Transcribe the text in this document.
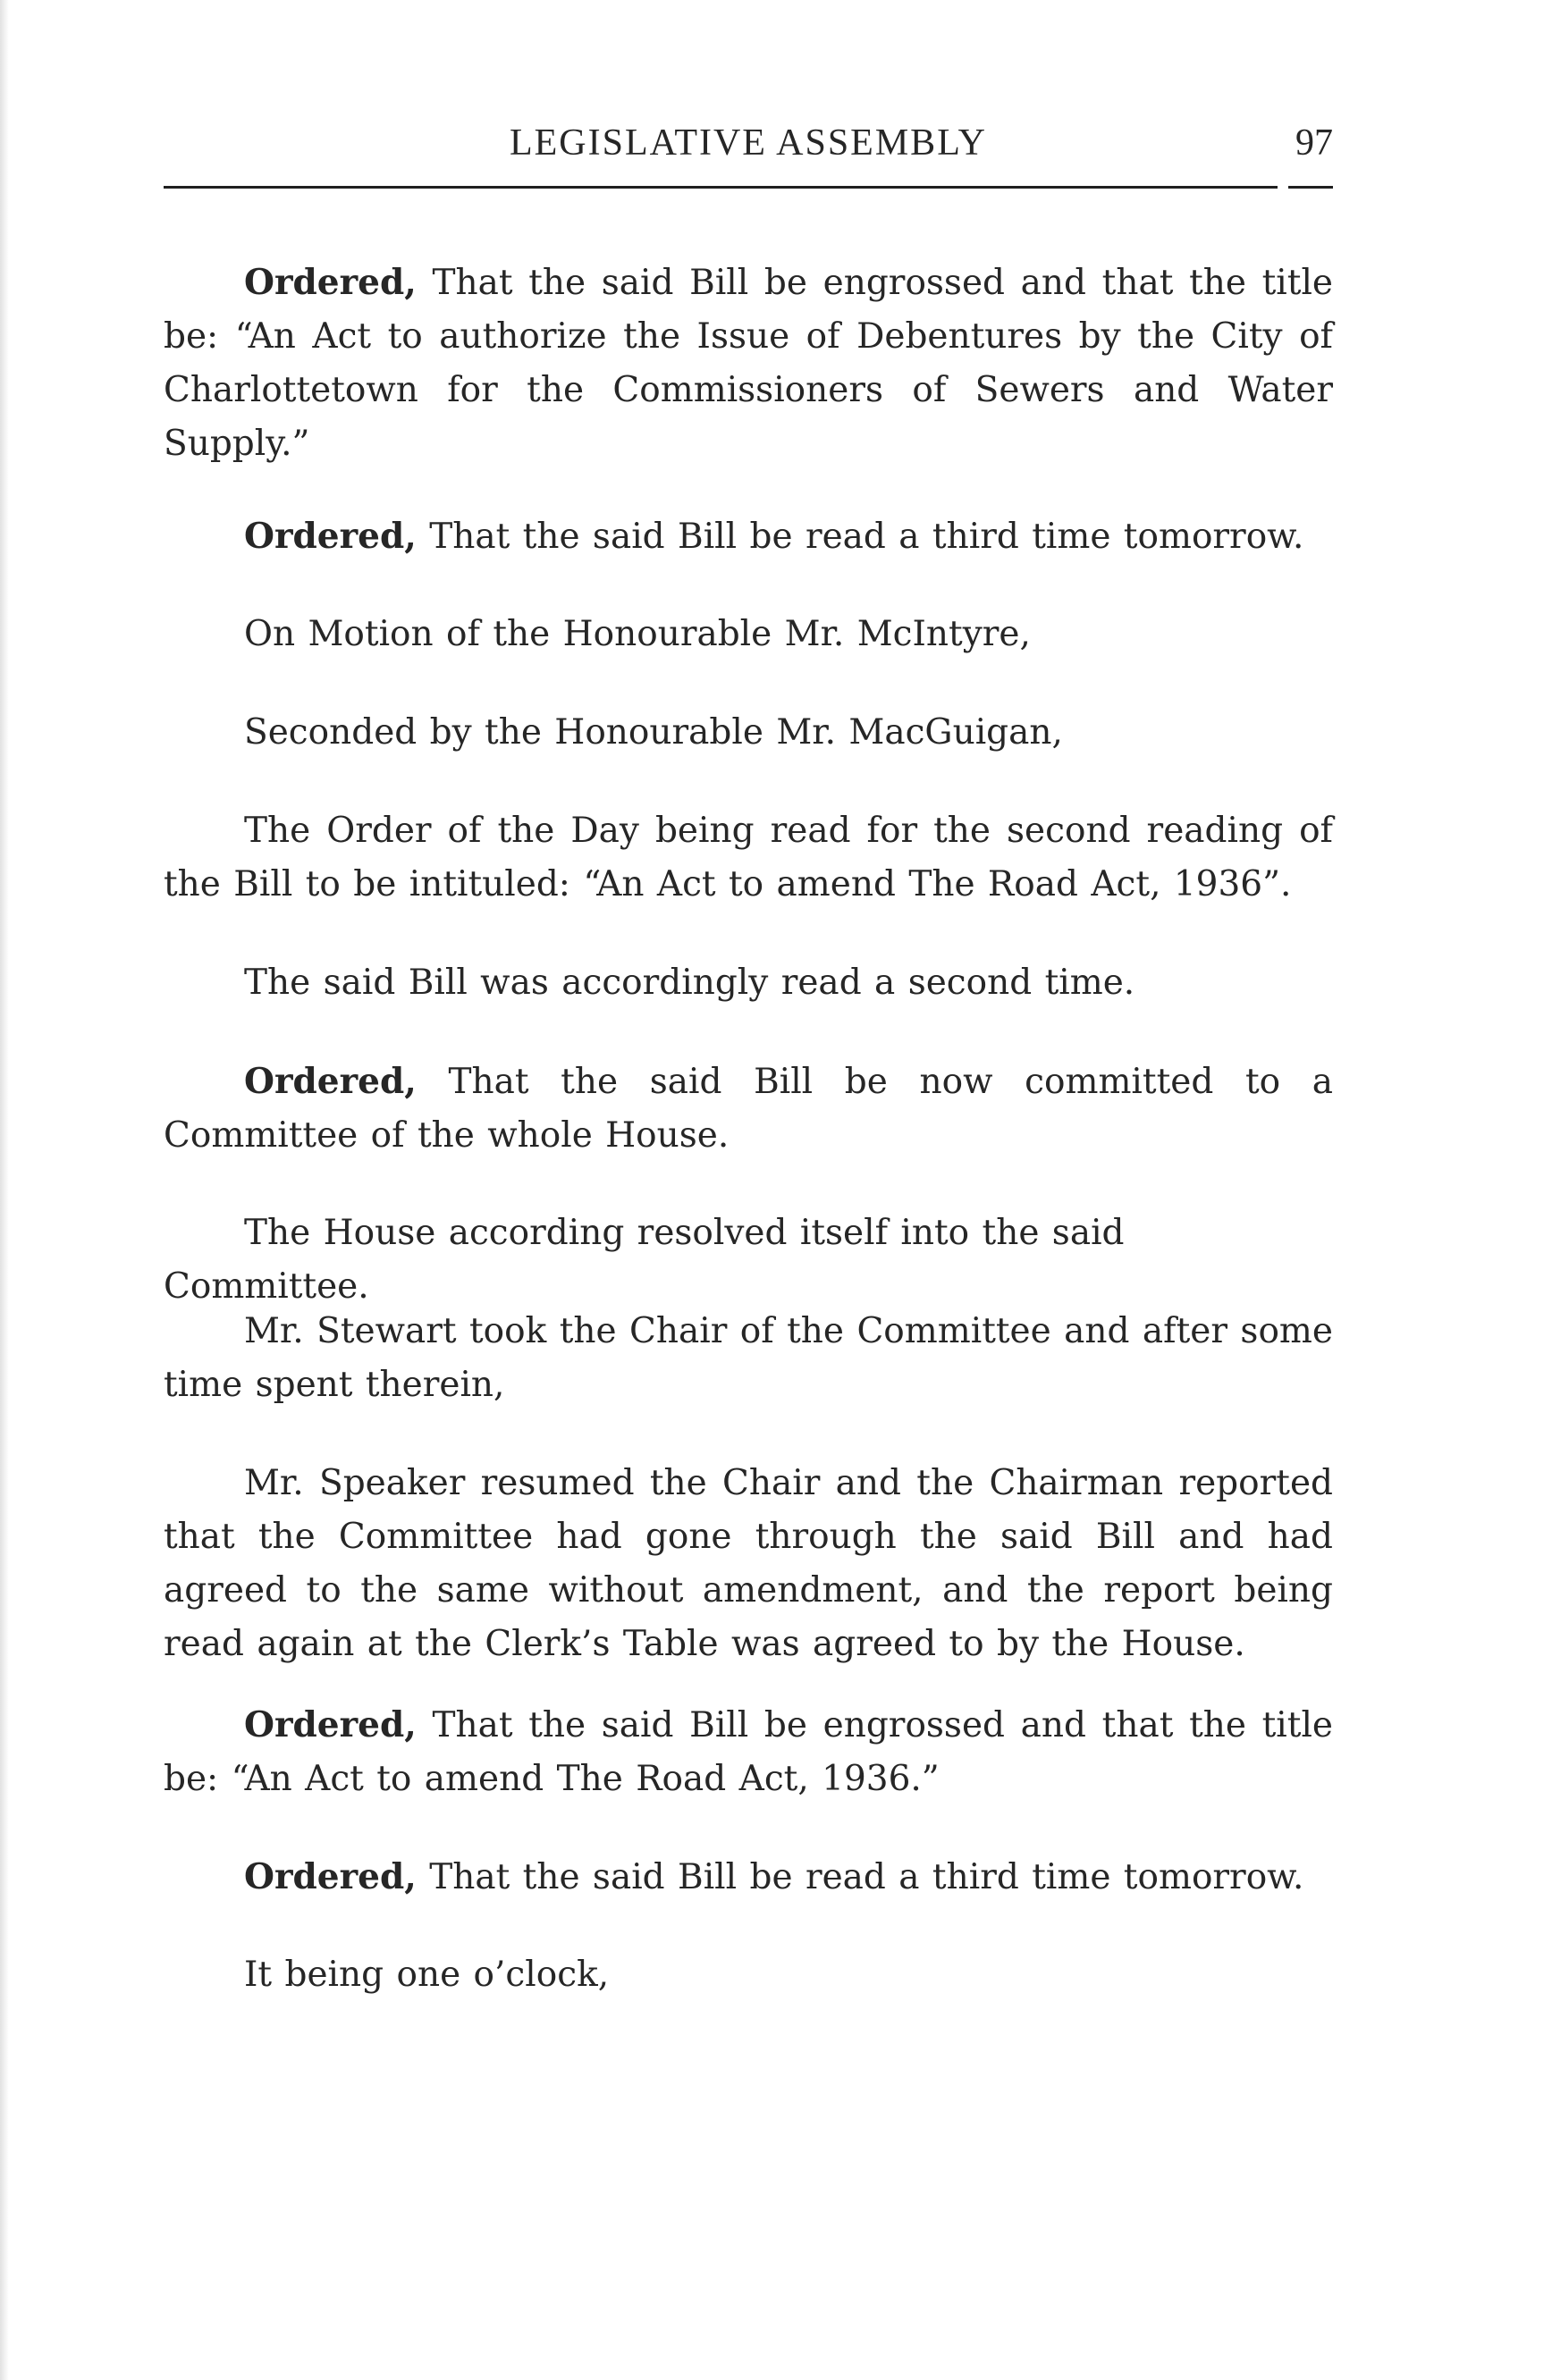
LEGISLATIVE ASSEMBLY	97

Ordered, That the said Bill be engrossed and that the title be: “An Act to authorize the Issue of Debentures by the City of Charlottetown for the Commissioners of Sewers and Water Supply.”

Ordered, That the said Bill be read a third time tomorrow.

On Motion of the Honourable Mr. McIntyre,

Seconded by the Honourable Mr. MacGuigan,

The Order of the Day being read for the second reading of the Bill to be intituled: “An Act to amend The Road Act, 1936”.

The said Bill was accordingly read a second time.

Ordered, That the said Bill be now committed to a Committee of the whole House.

The House according resolved itself into the said Committee.

Mr. Stewart took the Chair of the Committee and after some time spent therein,

Mr. Speaker resumed the Chair and the Chairman reported that the Committee had gone through the said Bill and had agreed to the same without amendment, and the report being read again at the Clerk’s Table was agreed to by the House.

Ordered, That the said Bill be engrossed and that the title be: “An Act to amend The Road Act, 1936.”

Ordered, That the said Bill be read a third time tomorrow.

It being one o’clock,
